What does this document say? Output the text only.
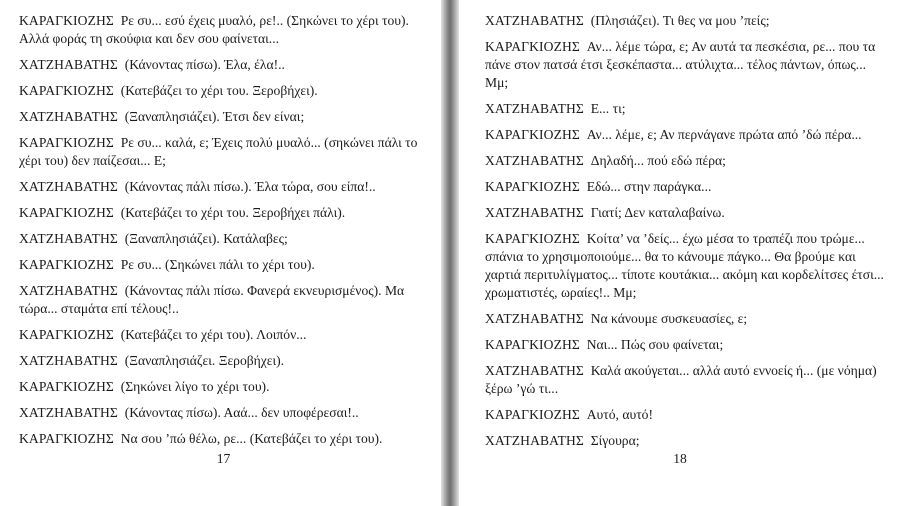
ΚΑΡΑΓΚΙΟΖΗΣ Ρε συ... εσύ έχεις μυαλό, ρε!.. (Σηκώνει το χέρι του). Αλλά φοράς τη σκούφια και δεν σου φαίνεται...

ΧΑΤΖΗΑΒΑΤΗΣ (Κάνοντας πίσω). Έλα, έλα!..

ΚΑΡΑΓΚΙΟΖΗΣ (Κατεβάζει το χέρι του. Ξεροβήχει).

ΧΑΤΖΗΑΒΑΤΗΣ (Ξαναπλησιάζει). Έτσι δεν είναι;

ΚΑΡΑΓΚΙΟΖΗΣ Ρε συ... καλά, ε; Έχεις πολύ μυαλό... (σηκώνει πάλι το χέρι του) δεν παίζεσαι... Ε;

ΧΑΤΖΗΑΒΑΤΗΣ (Κάνοντας πάλι πίσω.). Έλα τώρα, σου είπα!..

ΚΑΡΑΓΚΙΟΖΗΣ (Κατεβάζει το χέρι του. Ξεροβήχει πάλι).

ΧΑΤΖΗΑΒΑΤΗΣ (Ξαναπλησιάζει). Κατάλαβες;

ΚΑΡΑΓΚΙΟΖΗΣ Ρε συ... (Σηκώνει πάλι το χέρι του).

ΧΑΤΖΗΑΒΑΤΗΣ (Κάνοντας πάλι πίσω. Φανερά εκνευρισμένος). Μα τώρα... σταμάτα επί τέλους!..

ΚΑΡΑΓΚΙΟΖΗΣ (Κατεβάζει το χέρι του). Λοιπόν...

ΧΑΤΖΗΑΒΑΤΗΣ (Ξαναπλησιάζει. Ξεροβήχει).

ΚΑΡΑΓΚΙΟΖΗΣ (Σηκώνει λίγο το χέρι του).

ΧΑΤΖΗΑΒΑΤΗΣ (Κάνοντας πίσω). Ααά... δεν υποφέρεσαι!..

ΚΑΡΑΓΚΙΟΖΗΣ Να σου ’πώ θέλω, ρε... (Κατεβάζει το χέρι του).

17

ΧΑΤΖΗΑΒΑΤΗΣ (Πλησιάζει). Τι θες να μου ’πείς;

ΚΑΡΑΓΚΙΟΖΗΣ Αν... λέμε τώρα, ε; Αν αυτά τα πεσκέσια, ρε... που τα πάνε στον πατσά έτσι ξεσκέπαστα... ατύλιχτα... τέλος πάντων, όπως... Μμ;

ΧΑΤΖΗΑΒΑΤΗΣ Ε... τι;

ΚΑΡΑΓΚΙΟΖΗΣ Αν... λέμε, ε; Αν περνάγανε πρώτα από ’δώ πέρα...

ΧΑΤΖΗΑΒΑΤΗΣ Δηλαδή... πού εδώ πέρα;

ΚΑΡΑΓΚΙΟΖΗΣ Εδώ... στην παράγκα...

ΧΑΤΖΗΑΒΑΤΗΣ Γιατί; Δεν καταλαβαίνω.

ΚΑΡΑΓΚΙΟΖΗΣ Κοίτα’ να ’δείς... έχω μέσα το τραπέζι που τρώμε... σπάνια το χρησιμοποιούμε... θα το κάνουμε πάγκο... Θα βρούμε και χαρτιά περιτυλίγματος... τίποτε κουτάκια... ακόμη και κορδελίτσες έτσι... χρωματιστές, ωραίες!.. Μμ;

ΧΑΤΖΗΑΒΑΤΗΣ Να κάνουμε συσκευασίες, ε;

ΚΑΡΑΓΚΙΟΖΗΣ Ναι... Πώς σου φαίνεται;

ΧΑΤΖΗΑΒΑΤΗΣ Καλά ακούγεται... αλλά αυτό εννοείς ή... (με νόημα) ξέρω ’γώ τι...

ΚΑΡΑΓΚΙΟΖΗΣ Αυτό, αυτό!

ΧΑΤΖΗΑΒΑΤΗΣ Σίγουρα;

18
